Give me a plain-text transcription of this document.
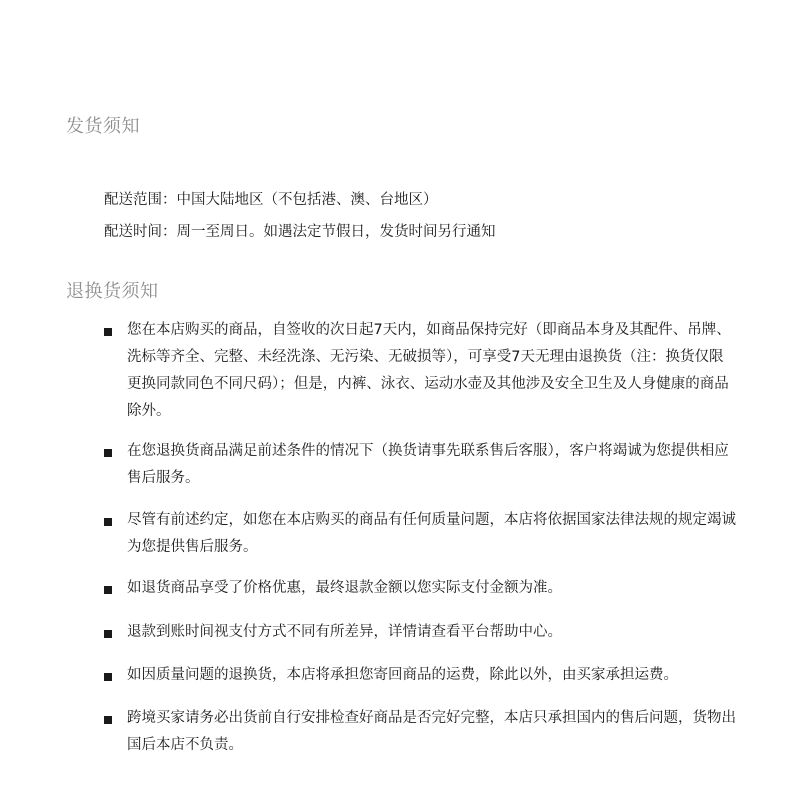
发货须知

配送范围：中国大陆地区（不包括港、澳、台地区）

配送时间：周一至周日。如遇法定节假日，发货时间另行通知

退换货须知

您在本店购买的商品，自签收的次日起7天内，如商品保持完好（即商品本身及其配件、吊牌、洗标等齐全、完整、未经洗涤、无污染、无破损等），可享受7天无理由退换货（注：换货仅限更换同款同色不同尺码）；但是，内裤、泳衣、运动水壶及其他涉及安全卫生及人身健康的商品除外。

在您退换货商品满足前述条件的情况下（换货请事先联系售后客服），客户将竭诚为您提供相应售后服务。

尽管有前述约定，如您在本店购买的商品有任何质量问题，本店将依据国家法律法规的规定竭诚为您提供售后服务。

如退货商品享受了价格优惠，最终退款金额以您实际支付金额为准。

退款到账时间视支付方式不同有所差异，详情请查看平台帮助中心。

如因质量问题的退换货，本店将承担您寄回商品的运费，除此以外，由买家承担运费。

跨境买家请务必出货前自行安排检查好商品是否完好完整，本店只承担国内的售后问题，货物出国后本店不负责。
